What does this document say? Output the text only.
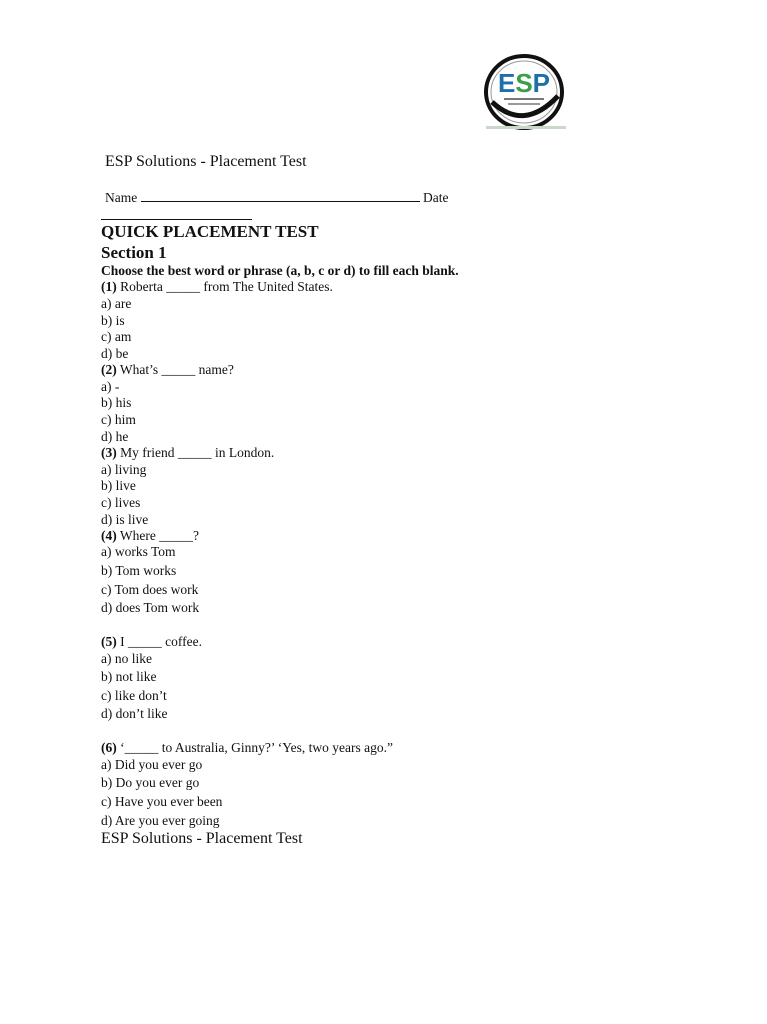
ESP
ESP Solutions - Placement Test
Name	Date
QUICK PLACEMENT TEST
Section 1
Choose the best word or phrase (a, b, c or d) to fill each blank.
(1) Roberta _____ from The United States.
a) are
b) is
c) am
d) be
(2) What’s _____ name?
a) -
b) his
c) him
d) he
(3) My friend _____ in London.
a) living
b) live
c) lives
d) is live
(4) Where _____?
a) works Tom
b) Tom works
c) Tom does work
d) does Tom work
(5) I _____ coffee.
a) no like
b) not like
c) like don’t
d) don’t like
(6) ‘_____ to Australia, Ginny?’ ‘Yes, two years ago.”
a) Did you ever go
b) Do you ever go
c) Have you ever been
d) Are you ever going
ESP Solutions - Placement Test
